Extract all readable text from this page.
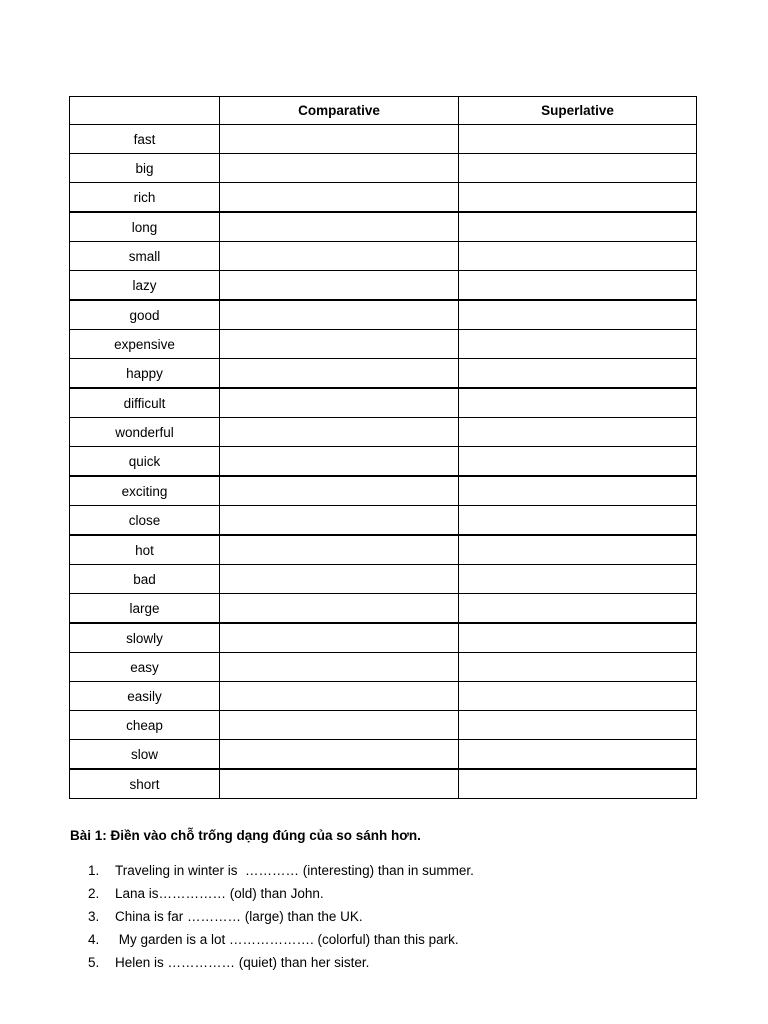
	Comparative	Superlative
fast		
big		
rich		
long		
small		
lazy		
good		
expensive		
happy		
difficult		
wonderful		
quick		
exciting		
close		
hot		
bad		
large		
slowly		
easy		
easily		
cheap		
slow		
short		
Bài 1: Điền vào chỗ trống dạng đúng của so sánh hơn.
1.	Traveling in winter is  ………… (interesting) than in summer.
2.	Lana is…………… (old) than John.
3.	China is far ………… (large) than the UK.
4.	My garden is a lot ………………. (colorful) than this park.
5.	Helen is …………… (quiet) than her sister.
